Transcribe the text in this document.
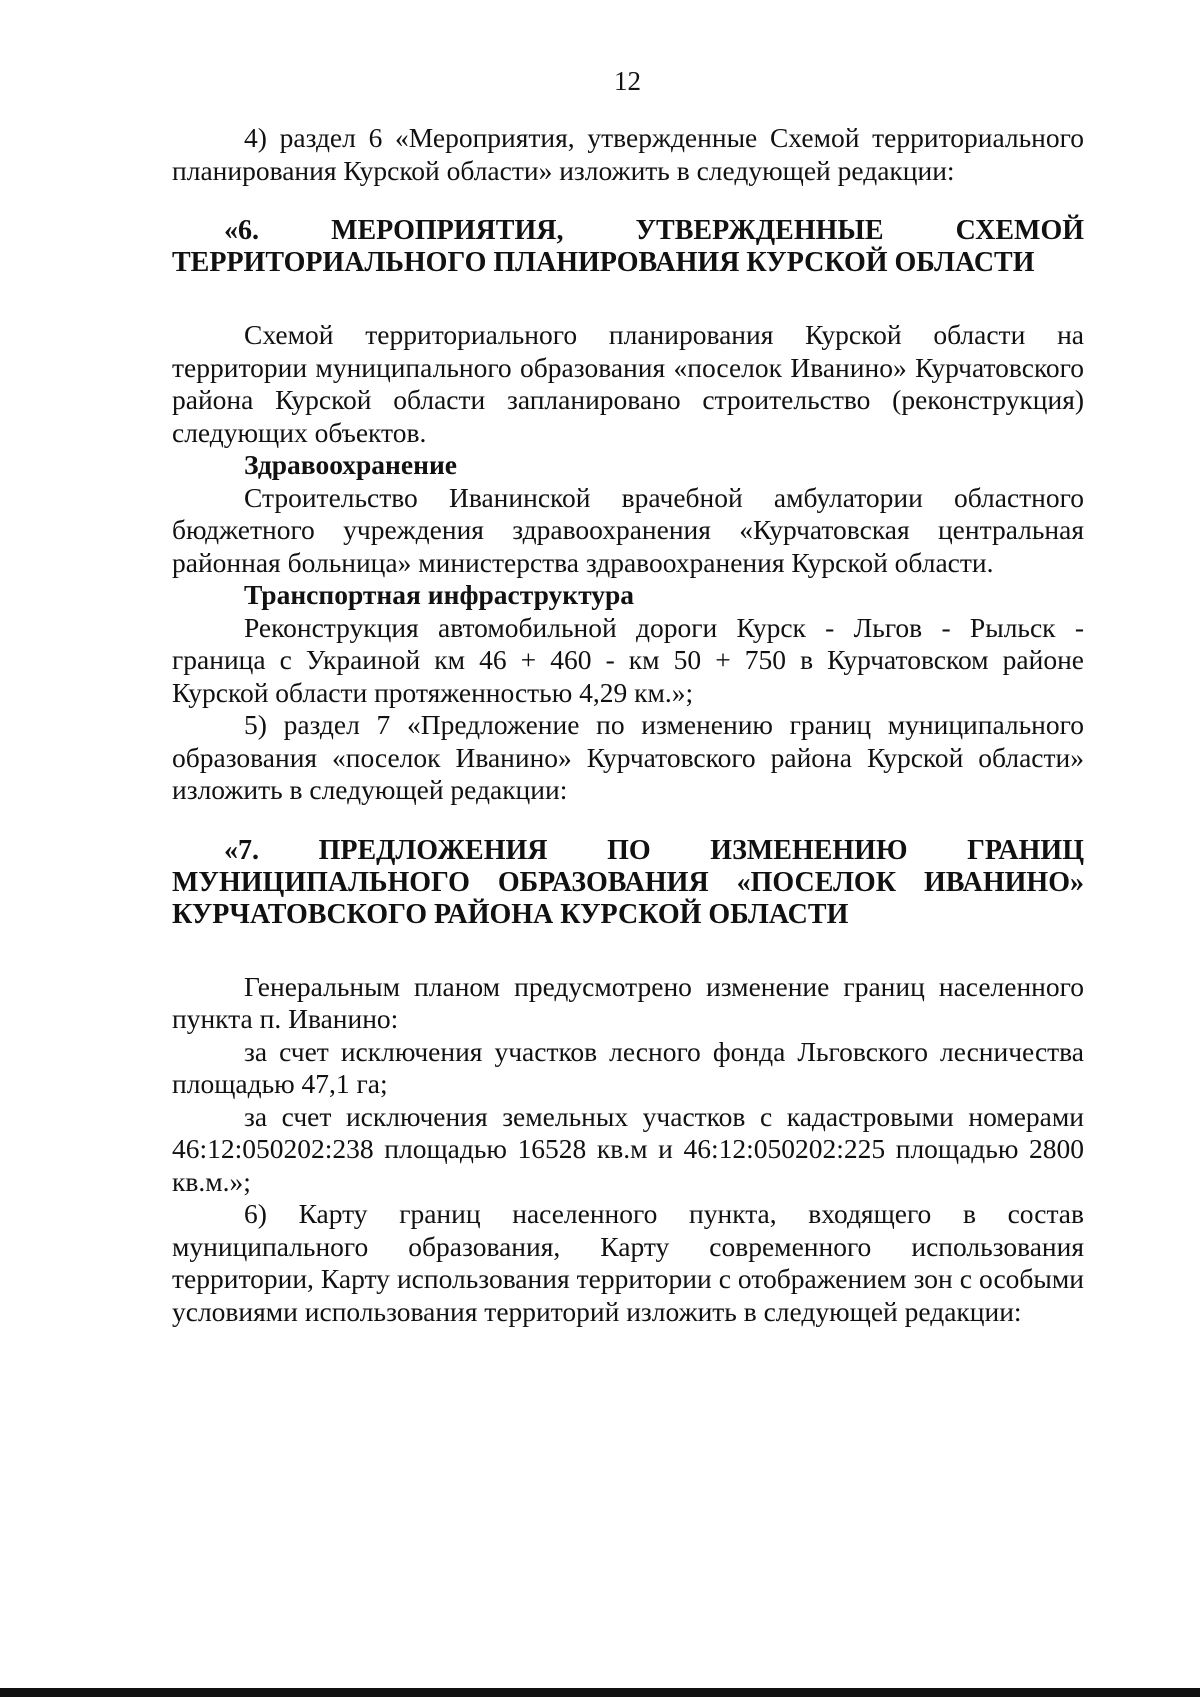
12

4) раздел 6 «Мероприятия, утвержденные Схемой территориального планирования Курской области» изложить в следующей редакции:

«6. МЕРОПРИЯТИЯ, УТВЕРЖДЕННЫЕ СХЕМОЙ ТЕРРИТОРИАЛЬНОГО ПЛАНИРОВАНИЯ КУРСКОЙ ОБЛАСТИ

Схемой территориального планирования Курской области на территории муниципального образования «поселок Иванино» Курчатовского района Курской области запланировано строительство (реконструкция) следующих объектов.

Здравоохранение

Строительство Иванинской врачебной амбулатории областного бюджетного учреждения здравоохранения «Курчатовская центральная районная больница» министерства здравоохранения Курской области.

Транспортная инфраструктура

Реконструкция автомобильной дороги Курск - Льгов - Рыльск - граница с Украиной км 46 + 460 - км 50 + 750 в Курчатовском районе Курской области протяженностью 4,29 км.»;

5) раздел 7 «Предложение по изменению границ муниципального образования «поселок Иванино» Курчатовского района Курской области» изложить в следующей редакции:

«7. ПРЕДЛОЖЕНИЯ ПО ИЗМЕНЕНИЮ ГРАНИЦ МУНИЦИПАЛЬНОГО ОБРАЗОВАНИЯ «ПОСЕЛОК ИВАНИНО» КУРЧАТОВСКОГО РАЙОНА КУРСКОЙ ОБЛАСТИ

Генеральным планом предусмотрено изменение границ населенного пункта п. Иванино:

за счет исключения участков лесного фонда Льговского лесничества площадью 47,1 га;

за счет исключения земельных участков с кадастровыми номерами 46:12:050202:238 площадью 16528 кв.м и 46:12:050202:225 площадью 2800 кв.м.»;

6) Карту границ населенного пункта, входящего в состав муниципального образования, Карту современного использования территории, Карту использования территории с отображением зон с особыми условиями использования территорий изложить в следующей редакции:
